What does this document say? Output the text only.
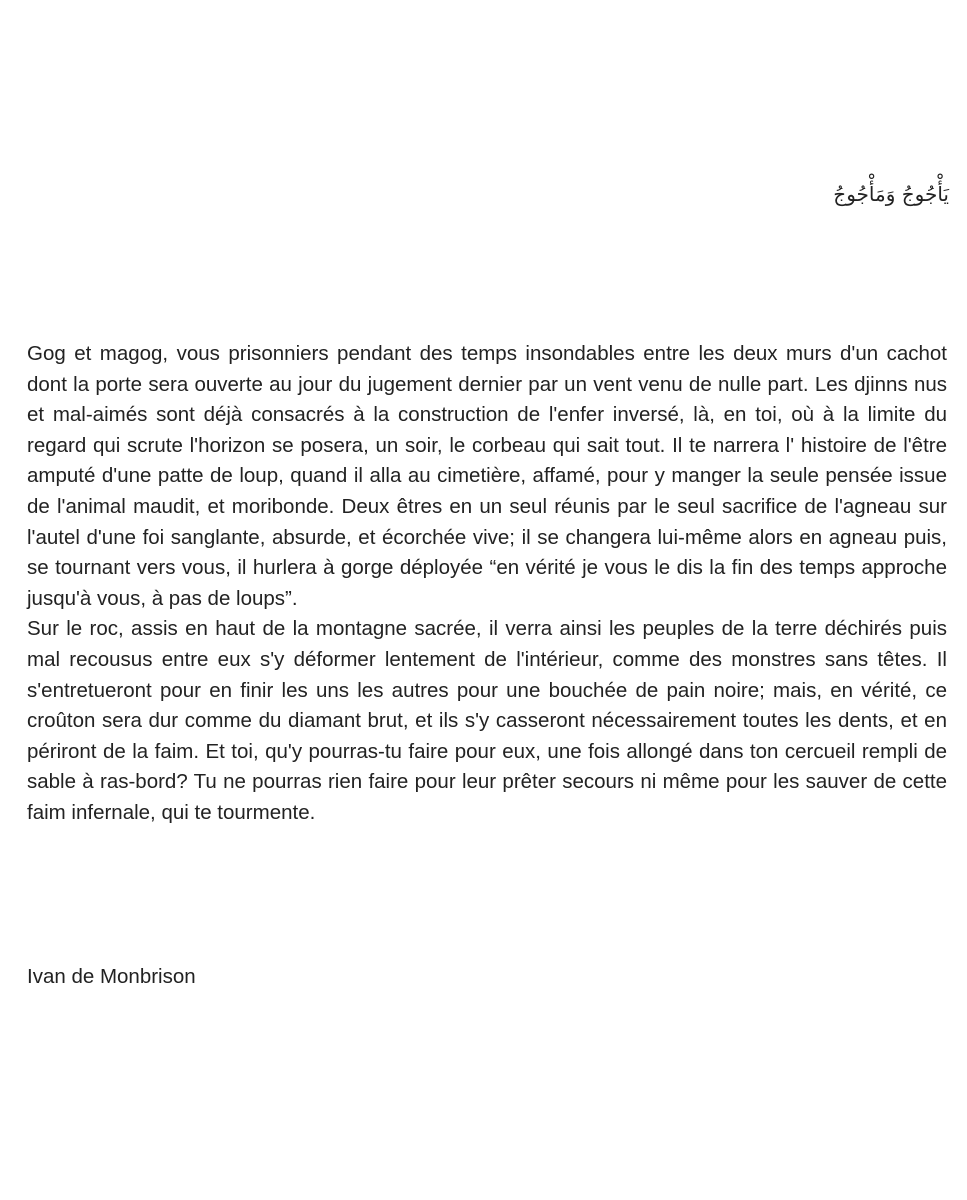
يَأْجُوجُ وَمَأْجُوجُ

Gog et magog, vous prisonniers pendant des temps insondables entre les deux murs d'un cachot dont la porte sera ouverte au jour du jugement dernier par un vent venu de nulle part. Les djinns nus et mal-aimés sont déjà consacrés à la construction de l'enfer inversé, là, en toi, où à la limite du regard qui scrute l'horizon se posera, un soir, le corbeau qui sait tout. Il te narrera l' histoire de l'être amputé d'une patte de loup, quand il alla au cimetière, affamé, pour y manger la seule pensée issue de l'animal maudit, et moribonde. Deux êtres en un seul réunis par le seul sacrifice de l'agneau sur l'autel d'une foi sanglante, absurde, et écorchée vive; il se changera lui-même alors en agneau puis, se tournant vers vous, il hurlera à gorge déployée “en vérité je vous le dis la fin des temps approche jusqu'à vous, à pas de loups”.

Sur le roc, assis en haut de la montagne sacrée, il verra ainsi les peuples de la terre déchirés puis mal recousus entre eux s'y déformer lentement de l'intérieur, comme des monstres sans têtes. Il s'entretueront pour en finir les uns les autres pour une bouchée de pain noire; mais, en vérité, ce croûton sera dur comme du diamant brut, et ils s'y casseront nécessairement toutes les dents, et en périront de la faim. Et toi, qu'y pourras-tu faire pour eux, une fois allongé dans ton cercueil rempli de sable à ras-bord? Tu ne pourras rien faire pour leur prêter secours ni même pour les sauver de cette faim infernale, qui te tourmente.

Ivan de Monbrison
